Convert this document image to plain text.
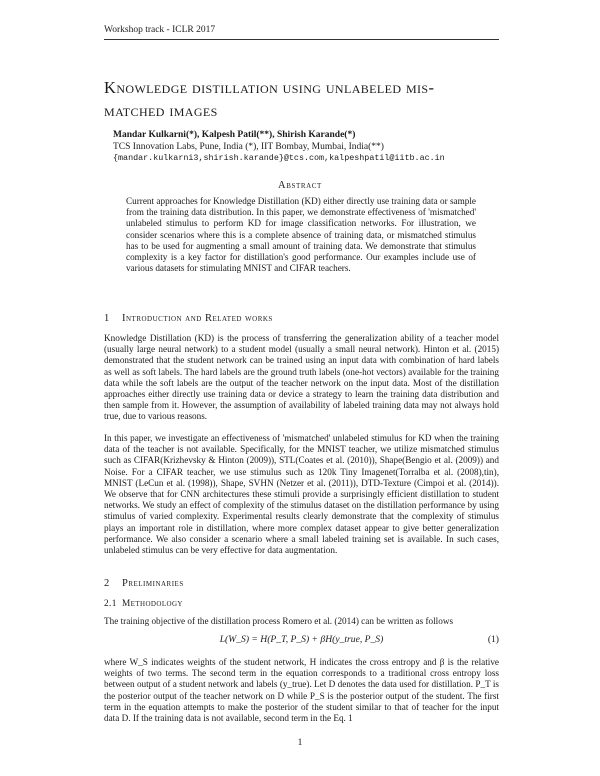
Workshop track - ICLR 2017
Knowledge distillation using unlabeled mis-
matched images
Mandar Kulkarni(*), Kalpesh Patil(**), Shirish Karande(*)
TCS Innovation Labs, Pune, India (*), IIT Bombay, Mumbai, India(**)
{mandar.kulkarni3,shirish.karande}@tcs.com,kalpeshpatil@iitb.ac.in
Abstract
Current approaches for Knowledge Distillation (KD) either directly use training data or sample from the training data distribution. In this paper, we demonstrate effectiveness of 'mismatched' unlabeled stimulus to perform KD for image classification networks. For illustration, we consider scenarios where this is a complete absence of training data, or mismatched stimulus has to be used for augmenting a small amount of training data. We demonstrate that stimulus complexity is a key factor for distillation's good performance. Our examples include use of various datasets for stimulating MNIST and CIFAR teachers.
1 Introduction and Related works
Knowledge Distillation (KD) is the process of transferring the generalization ability of a teacher model (usually large neural network) to a student model (usually a small neural network). Hinton et al. (2015) demonstrated that the student network can be trained using an input data with combination of hard labels as well as soft labels. The hard labels are the ground truth labels (one-hot vectors) available for the training data while the soft labels are the output of the teacher network on the input data. Most of the distillation approaches either directly use training data or device a strategy to learn the training data distribution and then sample from it. However, the assumption of availability of labeled training data may not always hold true, due to various reasons.
In this paper, we investigate an effectiveness of 'mismatched' unlabeled stimulus for KD when the training data of the teacher is not available. Specifically, for the MNIST teacher, we utilize mismatched stimulus such as CIFAR(Krizhevsky & Hinton (2009)), STL(Coates et al. (2010)), Shape(Bengio et al. (2009)) and Noise. For a CIFAR teacher, we use stimulus such as 120k Tiny Imagenet(Torralba et al. (2008),tin), MNIST (LeCun et al. (1998)), Shape, SVHN (Netzer et al. (2011)), DTD-Texture (Cimpoi et al. (2014)). We observe that for CNN architectures these stimuli provide a surprisingly efficient distillation to student networks. We study an effect of complexity of the stimulus dataset on the distillation performance by using stimulus of varied complexity. Experimental results clearly demonstrate that the complexity of stimulus plays an important role in distillation, where more complex dataset appear to give better generalization performance. We also consider a scenario where a small labeled training set is available. In such cases, unlabeled stimulus can be very effective for data augmentation.
2 Preliminaries
2.1 Methodology
The training objective of the distillation process Romero et al. (2014) can be written as follows
L(W_S) = H(P_T, P_S) + βH(y_true, P_S)	(1)
where W_S indicates weights of the student network, H indicates the cross entropy and β is the relative weights of two terms. The second term in the equation corresponds to a traditional cross entropy loss between output of a student network and labels (y_true). Let D denotes the data used for distillation. P_T is the posterior output of the teacher network on D while P_S is the posterior output of the student. The first term in the equation attempts to make the posterior of the student similar to that of teacher for the input data D. If the training data is not available, second term in the Eq. 1
1
